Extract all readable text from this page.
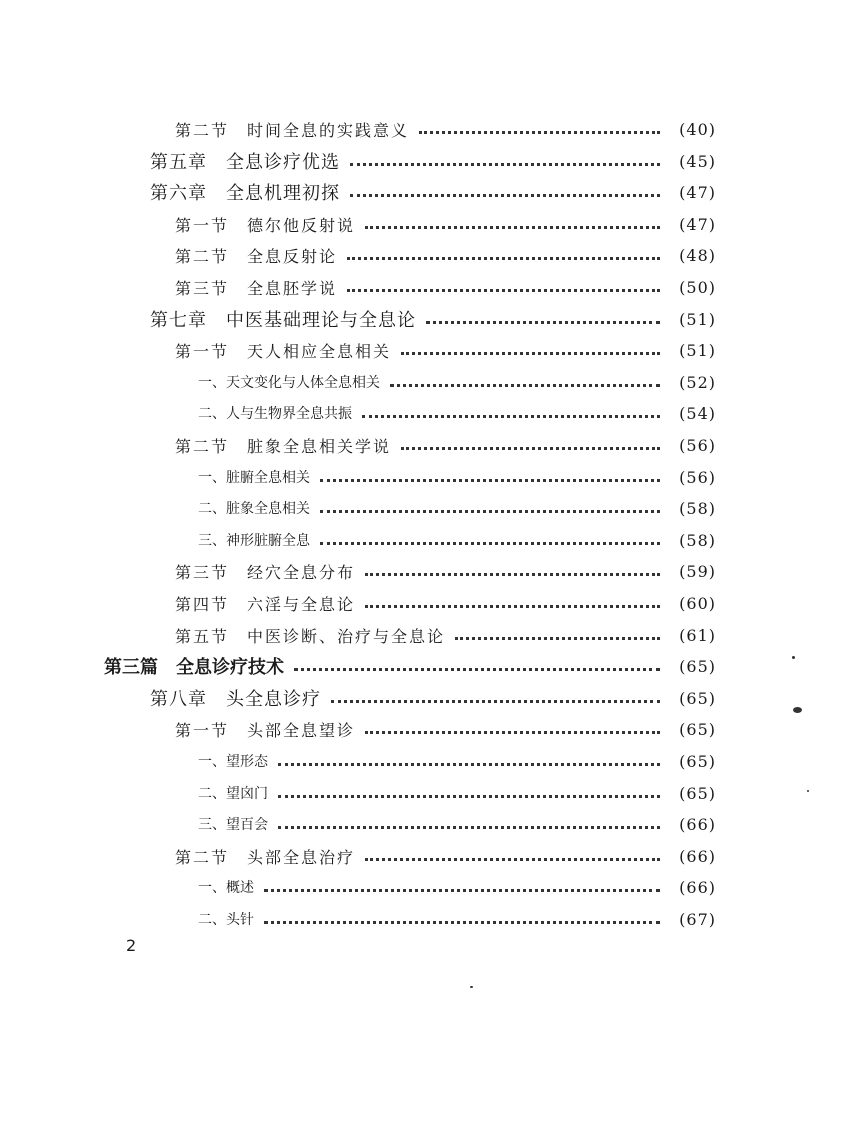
第二节　时间全息的实践意义	(40)
第五章　全息诊疗优选	(45)
第六章　全息机理初探	(47)
第一节　德尔他反射说	(47)
第二节　全息反射论	(48)
第三节　全息胚学说	(50)
第七章　中医基础理论与全息论	(51)
第一节　天人相应全息相关	(51)
一、天文变化与人体全息相关	(52)
二、人与生物界全息共振	(54)
第二节　脏象全息相关学说	(56)
一、脏腑全息相关	(56)
二、脏象全息相关	(58)
三、神形脏腑全息	(58)
第三节　经穴全息分布	(59)
第四节　六淫与全息论	(60)
第五节　中医诊断、治疗与全息论	(61)
第三篇　全息诊疗技术	(65)
第八章　头全息诊疗	(65)
第一节　头部全息望诊	(65)
一、望形态	(65)
二、望囟门	(65)
三、望百会	(66)
第二节　头部全息治疗	(66)
一、概述	(66)
二、头针	(67)
2
